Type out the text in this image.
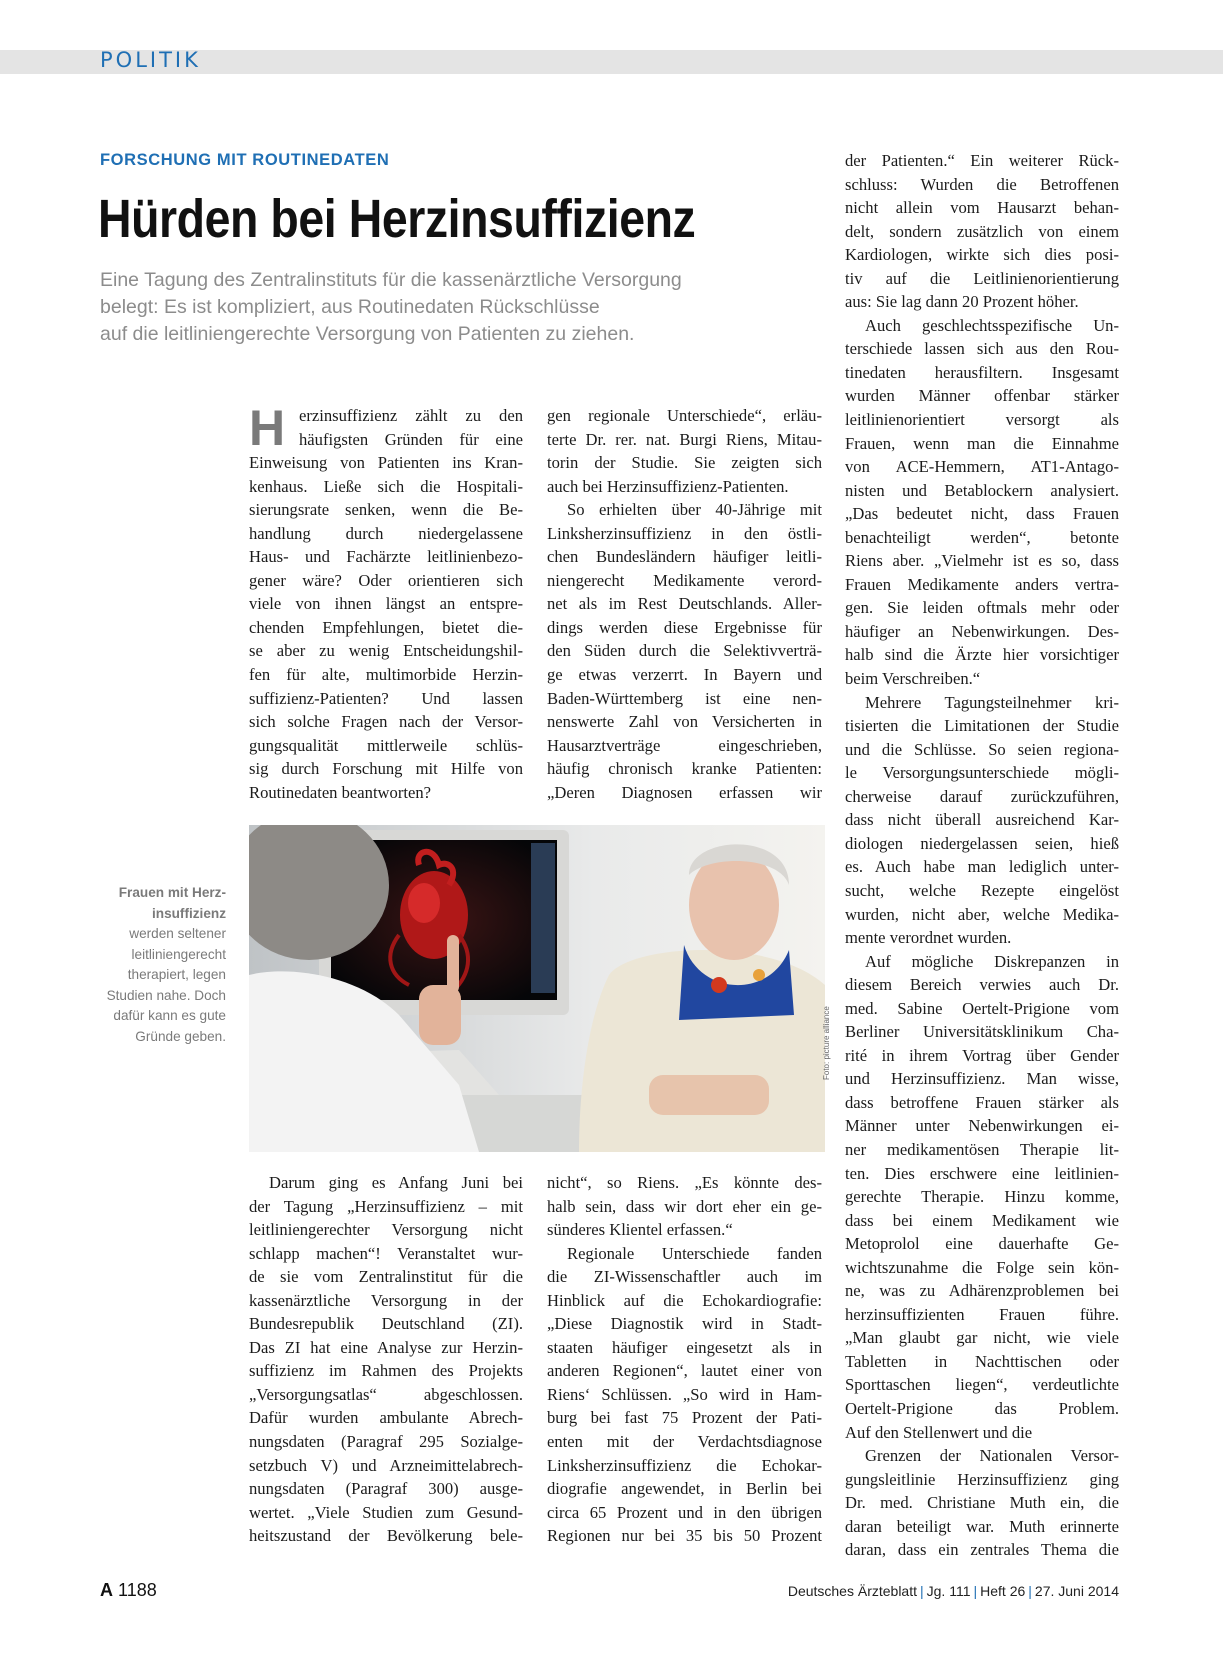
POLITIK
FORSCHUNG MIT ROUTINEDATEN
Hürden bei Herzinsuffizienz
Eine Tagung des Zentralinstituts für die kassenärztliche Versorgung
belegt: Es ist kompliziert, aus Routinedaten Rückschlüsse
auf die leitliniengerechte Versorgung von Patienten zu ziehen.
H erzinsuffizienz zählt zu den
häufigsten Gründen für eine
Einweisung von Patienten ins Kran-
kenhaus. Ließe sich die Hospitali-
sierungsrate senken, wenn die Be-
handlung durch niedergelassene
Haus- und Fachärzte leitlinienbezo-
gener wäre? Oder orientieren sich
viele von ihnen längst an entspre-
chenden Empfehlungen, bietet die-
se aber zu wenig Entscheidungshil-
fen für alte, multimorbide Herzin-
suffizienz-Patienten? Und lassen
sich solche Fragen nach der Versor-
gungsqualität mittlerweile schlüs-
sig durch Forschung mit Hilfe von
Routinedaten beantworten?
gen regionale Unterschiede“, erläu-
terte Dr. rer. nat. Burgi Riens, Mitau-
torin der Studie. Sie zeigten sich
auch bei Herzinsuffizienz-Patienten.
So erhielten über 40-Jährige mit
Linksherzinsuffizienz in den östli-
chen Bundesländern häufiger leitli-
niengerecht Medikamente verord-
net als im Rest Deutschlands. Aller-
dings werden diese Ergebnisse für
den Süden durch die Selektivverträ-
ge etwas verzerrt. In Bayern und
Baden-Württemberg ist eine nen-
nenswerte Zahl von Versicherten in
Hausarztverträge eingeschrieben,
häufig chronisch kranke Patienten:
„Deren Diagnosen erfassen wir
Foto: picture alliance
Frauen mit Herz-
insuffizienz
werden seltener
leitliniengerecht
therapiert, legen
Studien nahe. Doch
dafür kann es gute
Gründe geben.
Darum ging es Anfang Juni bei
der Tagung „Herzinsuffizienz – mit
leitliniengerechter Versorgung nicht
schlapp machen“! Veranstaltet wur-
de sie vom Zentralinstitut für die
kassenärztliche Versorgung in der
Bundesrepublik Deutschland (ZI).
Das ZI hat eine Analyse zur Herzin-
suffizienz im Rahmen des Projekts
„Versorgungsatlas“ abgeschlossen.
Dafür wurden ambulante Abrech-
nungsdaten (Paragraf 295 Sozialge-
setzbuch V) und Arzneimittelabrech-
nungsdaten (Paragraf 300) ausge-
wertet. „Viele Studien zum Gesund-
heitszustand der Bevölkerung bele-
nicht“, so Riens. „Es könnte des-
halb sein, dass wir dort eher ein ge-
sünderes Klientel erfassen.“
Regionale Unterschiede fanden
die ZI-Wissenschaftler auch im
Hinblick auf die Echokardiografie:
„Diese Diagnostik wird in Stadt-
staaten häufiger eingesetzt als in
anderen Regionen“, lautet einer von
Riens‘ Schlüssen. „So wird in Ham-
burg bei fast 75 Prozent der Pati-
enten mit der Verdachtsdiagnose
Linksherzinsuffizienz die Echokar-
diografie angewendet, in Berlin bei
circa 65 Prozent und in den übrigen
Regionen nur bei 35 bis 50 Prozent
der Patienten.“ Ein weiterer Rück-
schluss: Wurden die Betroffenen
nicht allein vom Hausarzt behan-
delt, sondern zusätzlich von einem
Kardiologen, wirkte sich dies posi-
tiv auf die Leitlinienorientierung
aus: Sie lag dann 20 Prozent höher.
Auch geschlechtsspezifische Un-
terschiede lassen sich aus den Rou-
tinedaten herausfiltern. Insgesamt
wurden Männer offenbar stärker
leitlinienorientiert versorgt als
Frauen, wenn man die Einnahme
von ACE-Hemmern, AT1-Antago-
nisten und Betablockern analysiert.
„Das bedeutet nicht, dass Frauen
benachteiligt werden“, betonte
Riens aber. „Vielmehr ist es so, dass
Frauen Medikamente anders vertra-
gen. Sie leiden oftmals mehr oder
häufiger an Nebenwirkungen. Des-
halb sind die Ärzte hier vorsichtiger
beim Verschreiben.“
Mehrere Tagungsteilnehmer kri-
tisierten die Limitationen der Studie
und die Schlüsse. So seien regiona-
le Versorgungsunterschiede mögli-
cherweise darauf zurückzuführen,
dass nicht überall ausreichend Kar-
diologen niedergelassen seien, hieß
es. Auch habe man lediglich unter-
sucht, welche Rezepte eingelöst
wurden, nicht aber, welche Medika-
mente verordnet wurden.
Auf mögliche Diskrepanzen in
diesem Bereich verwies auch Dr.
med. Sabine Oertelt-Prigione vom
Berliner Universitätsklinikum Cha-
rité in ihrem Vortrag über Gender
und Herzinsuffizienz. Man wisse,
dass betroffene Frauen stärker als
Männer unter Nebenwirkungen ei-
ner medikamentösen Therapie lit-
ten. Dies erschwere eine leitlinien-
gerechte Therapie. Hinzu komme,
dass bei einem Medikament wie
Metoprolol eine dauerhafte Ge-
wichtszunahme die Folge sein kön-
ne, was zu Adhärenzproblemen bei
herzinsuffizienten Frauen führe.
„Man glaubt gar nicht, wie viele
Tabletten in Nachttischen oder
Sporttaschen liegen“, verdeutlichte
Oertelt-Prigione das Problem.
Auf den Stellenwert und die
Grenzen der Nationalen Versor-
gungsleitlinie Herzinsuffizienz ging
Dr. med. Christiane Muth ein, die
daran beteiligt war. Muth erinnerte
daran, dass ein zentrales Thema die
A 1188	Deutsches Ärzteblatt | Jg. 111 | Heft 26 | 27. Juni 2014
